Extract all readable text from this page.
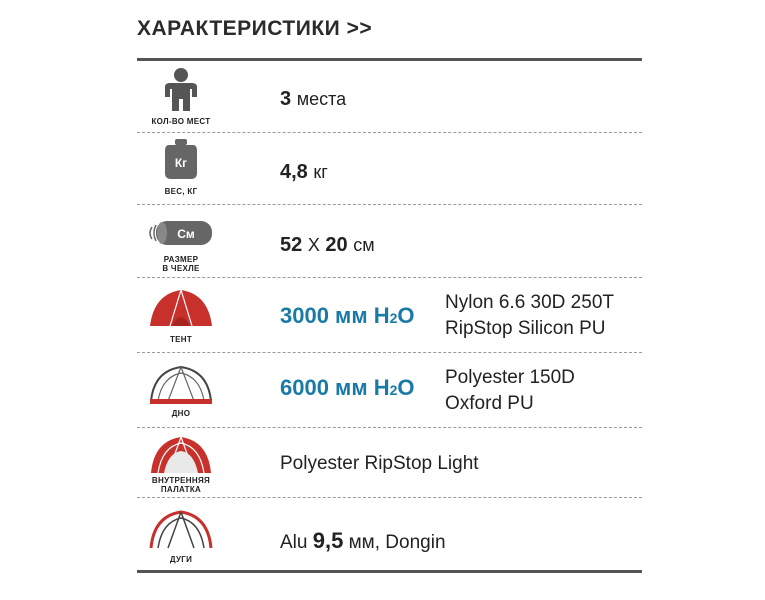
ХАРАКТЕРИСТИКИ >>
КОЛ-ВО МЕСТ
3 места
Кг
ВЕС, КГ
4,8 кг
См
РАЗМЕР
В ЧЕХЛЕ
52 X 20 см
ТЕНТ
3000 мм H2O
Nylon 6.6 30D 250T
RipStop Silicon PU
ДНО
6000 мм H2O Polyester 150D
Oxford PU
ВНУТРЕННЯЯ
ПАЛАТКА
Polyester RipStop Light
ДУГИ
Alu 9,5 мм, Dongin
